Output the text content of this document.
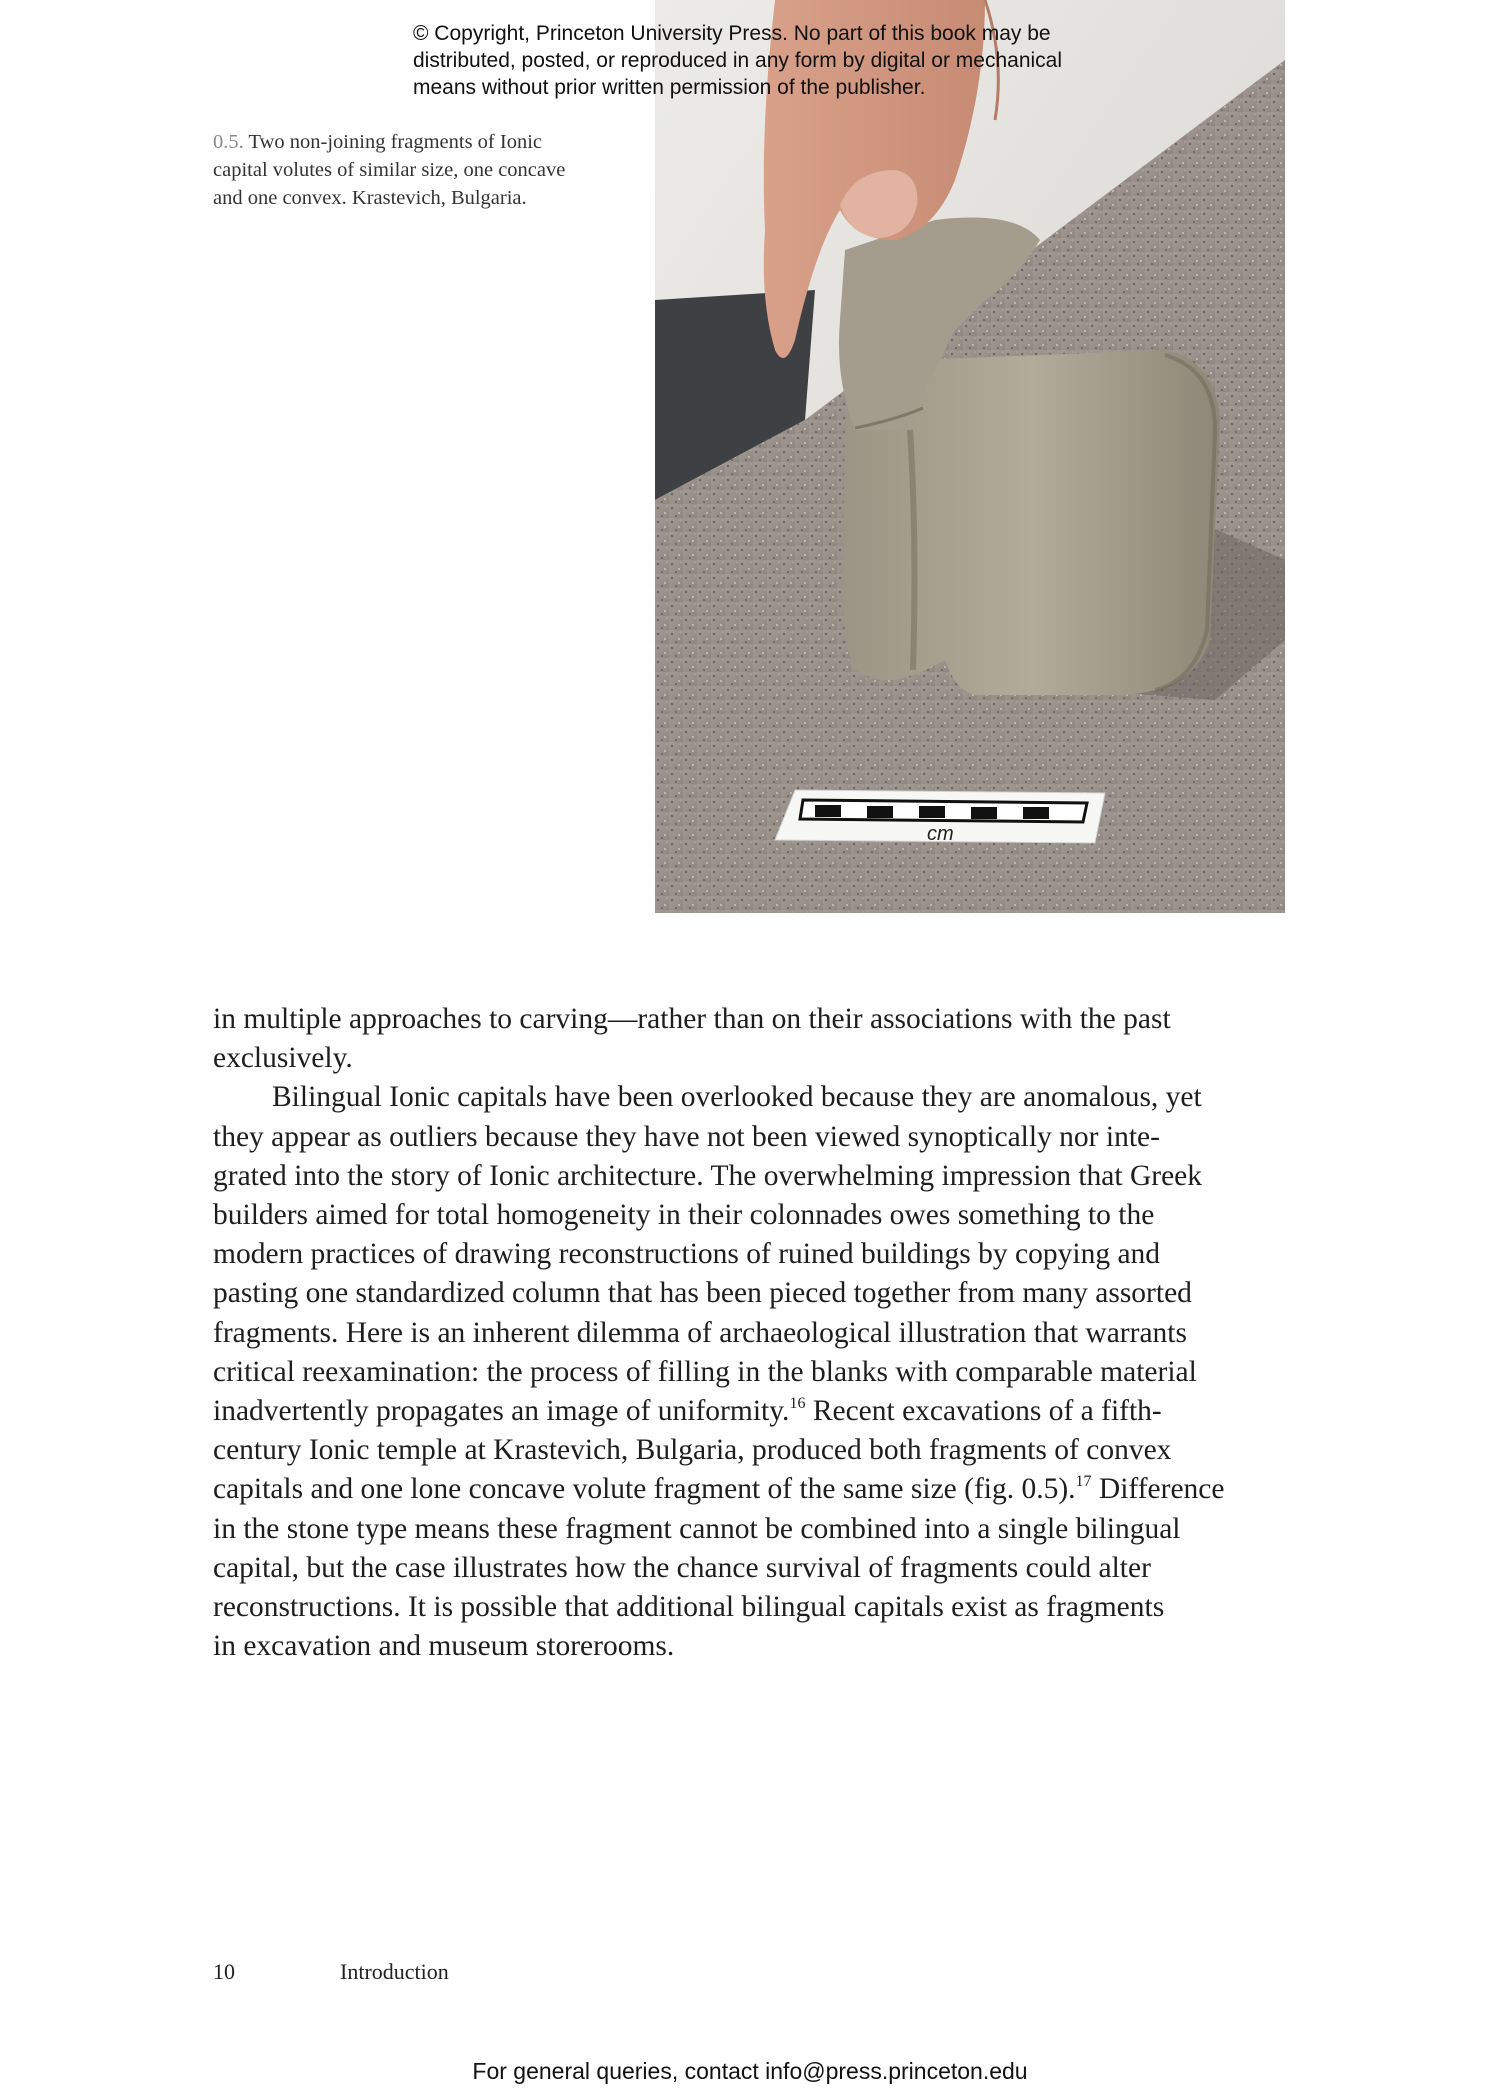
© Copyright, Princeton University Press. No part of this book may be
distributed, posted, or reproduced in any form by digital or mechanical
means without prior written permission of the publisher.
0.5. Two non-joining fragments of Ionic
capital volutes of similar size, one concave
and one convex. Krastevich, Bulgaria.
cm
in multiple approaches to carving—rather than on their associations with the past
exclusively.
Bilingual Ionic capitals have been overlooked because they are anomalous, yet
they appear as outliers because they have not been viewed synoptically nor inte-
grated into the story of Ionic architecture. The overwhelming impression that Greek
builders aimed for total homogeneity in their colonnades owes something to the
modern practices of drawing reconstructions of ruined buildings by copying and
pasting one standardized column that has been pieced together from many assorted
fragments. Here is an inherent dilemma of archaeological illustration that warrants
critical reexamination: the process of filling in the blanks with comparable material
inadvertently propagates an image of uniformity.$^{16}$ Recent excavations of a fifth-
century Ionic temple at Krastevich, Bulgaria, produced both fragments of convex
capitals and one lone concave volute fragment of the same size (fig. 0.5).$^{17}$ Difference
in the stone type means these fragment cannot be combined into a single bilingual
capital, but the case illustrates how the chance survival of fragments could alter
reconstructions. It is possible that additional bilingual capitals exist as fragments
in excavation and museum storerooms.
10	Introduction
For general queries, contact info@press.princeton.edu
